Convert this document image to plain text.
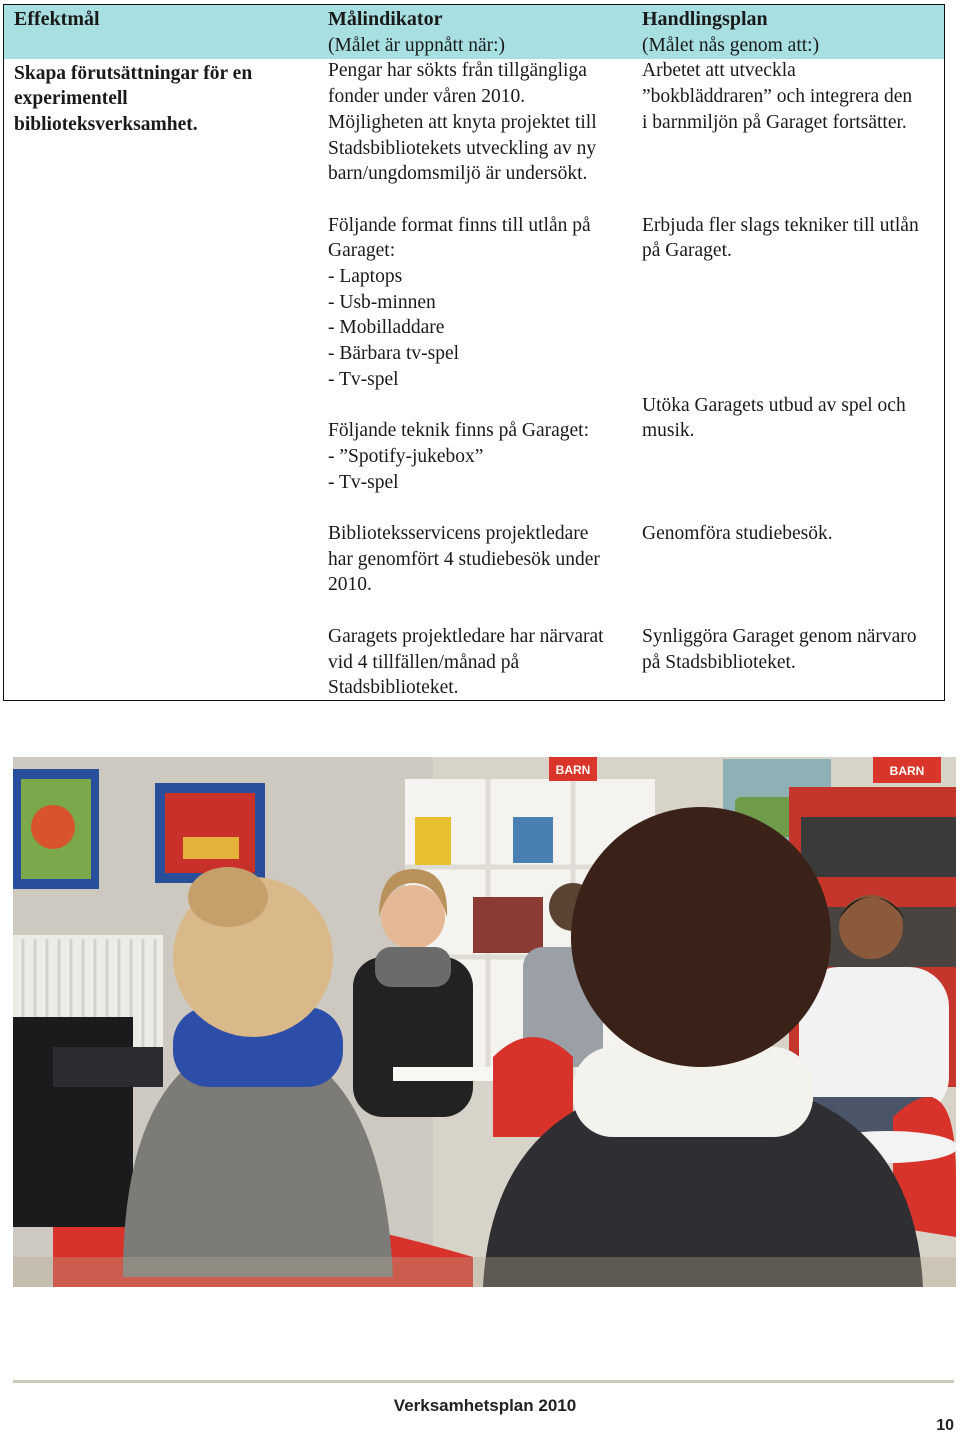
Effektmål
Skapa förutsättningar för en
experimentell
biblioteksverksamhet.
Målindikator
(Målet är uppnått när:)
Pengar har sökts från tillgängliga
fonder under våren 2010.
Möjligheten att knyta projektet till
Stadsbibliotekets utveckling av ny
barn/ungdomsmiljö är undersökt.
Följande format finns till utlån på
Garaget:
- Laptops
- Usb-minnen
- Mobilladdare
- Bärbara tv-spel
- Tv-spel
Följande teknik finns på Garaget:
- ”Spotify-jukebox”
- Tv-spel
Biblioteksservicens projektledare
har genomfört 4 studiebesök under
2010.
Garagets projektledare har närvarat
vid 4 tillfällen/månad på
Stadsbiblioteket.
Handlingsplan
(Målet nås genom att:)
Arbetet att utveckla
”bokbläddraren” och integrera den
i barnmiljön på Garaget fortsätter.
Erbjuda fler slags tekniker till utlån
på Garaget.
Utöka Garagets utbud av spel och
musik.
Genomföra studiebesök.
Synliggöra Garaget genom närvaro
på Stadsbiblioteket.
BARN	BARN
Verksamhetsplan 2010
10
